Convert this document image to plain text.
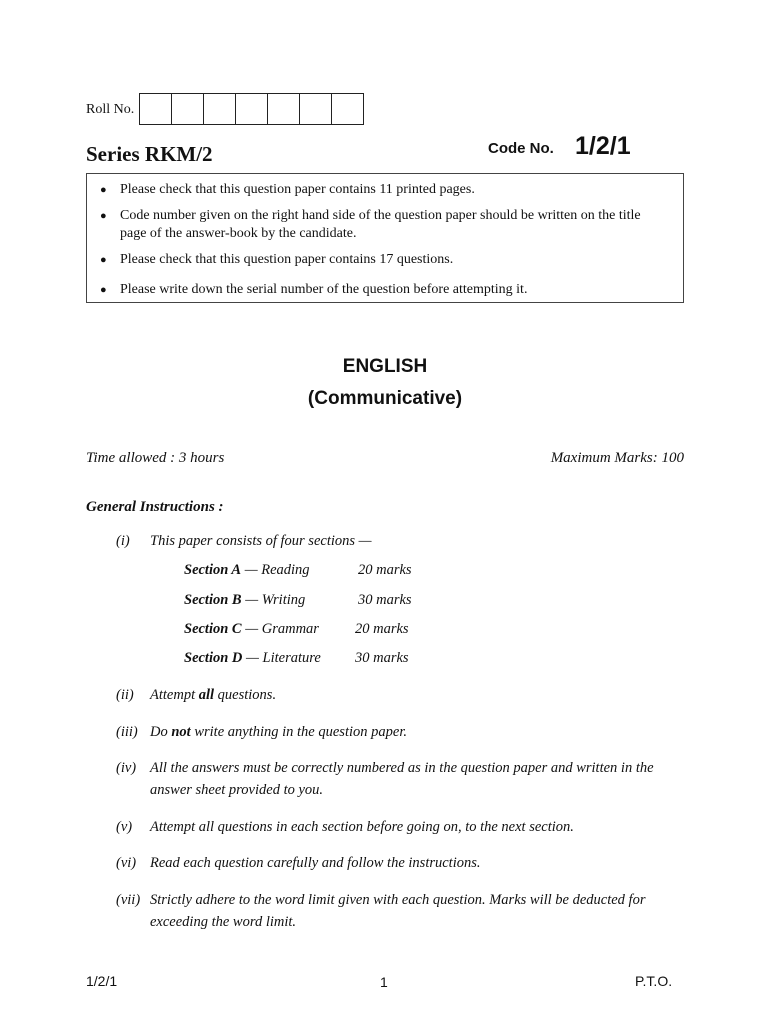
Roll No.
Series RKM/2	Code No. 1/2/1
● Please check that this question paper contains 11 printed pages.
● Code number given on the right hand side of the question paper should be written on the title page of the answer-book by the candidate.
● Please check that this question paper contains 17 questions.
● Please write down the serial number of the question before attempting it.
ENGLISH
(Communicative)
Time allowed : 3 hours	Maximum Marks: 100
General Instructions :
(i) This paper consists of four sections —
Section A — Reading	20 marks
Section B — Writing	30 marks
Section C — Grammar 20 marks
Section D — Literature 30 marks
(ii) Attempt all questions.
(iii) Do not write anything in the question paper.
(iv) All the answers must be correctly numbered as in the question paper and written in the answer sheet provided to you.
(v) Attempt all questions in each section before going on, to the next section.
(vi) Read each question carefully and follow the instructions.
(vii) Strictly adhere to the word limit given with each question. Marks will be deducted for exceeding the word limit.
1/2/1	1	P.T.O.
